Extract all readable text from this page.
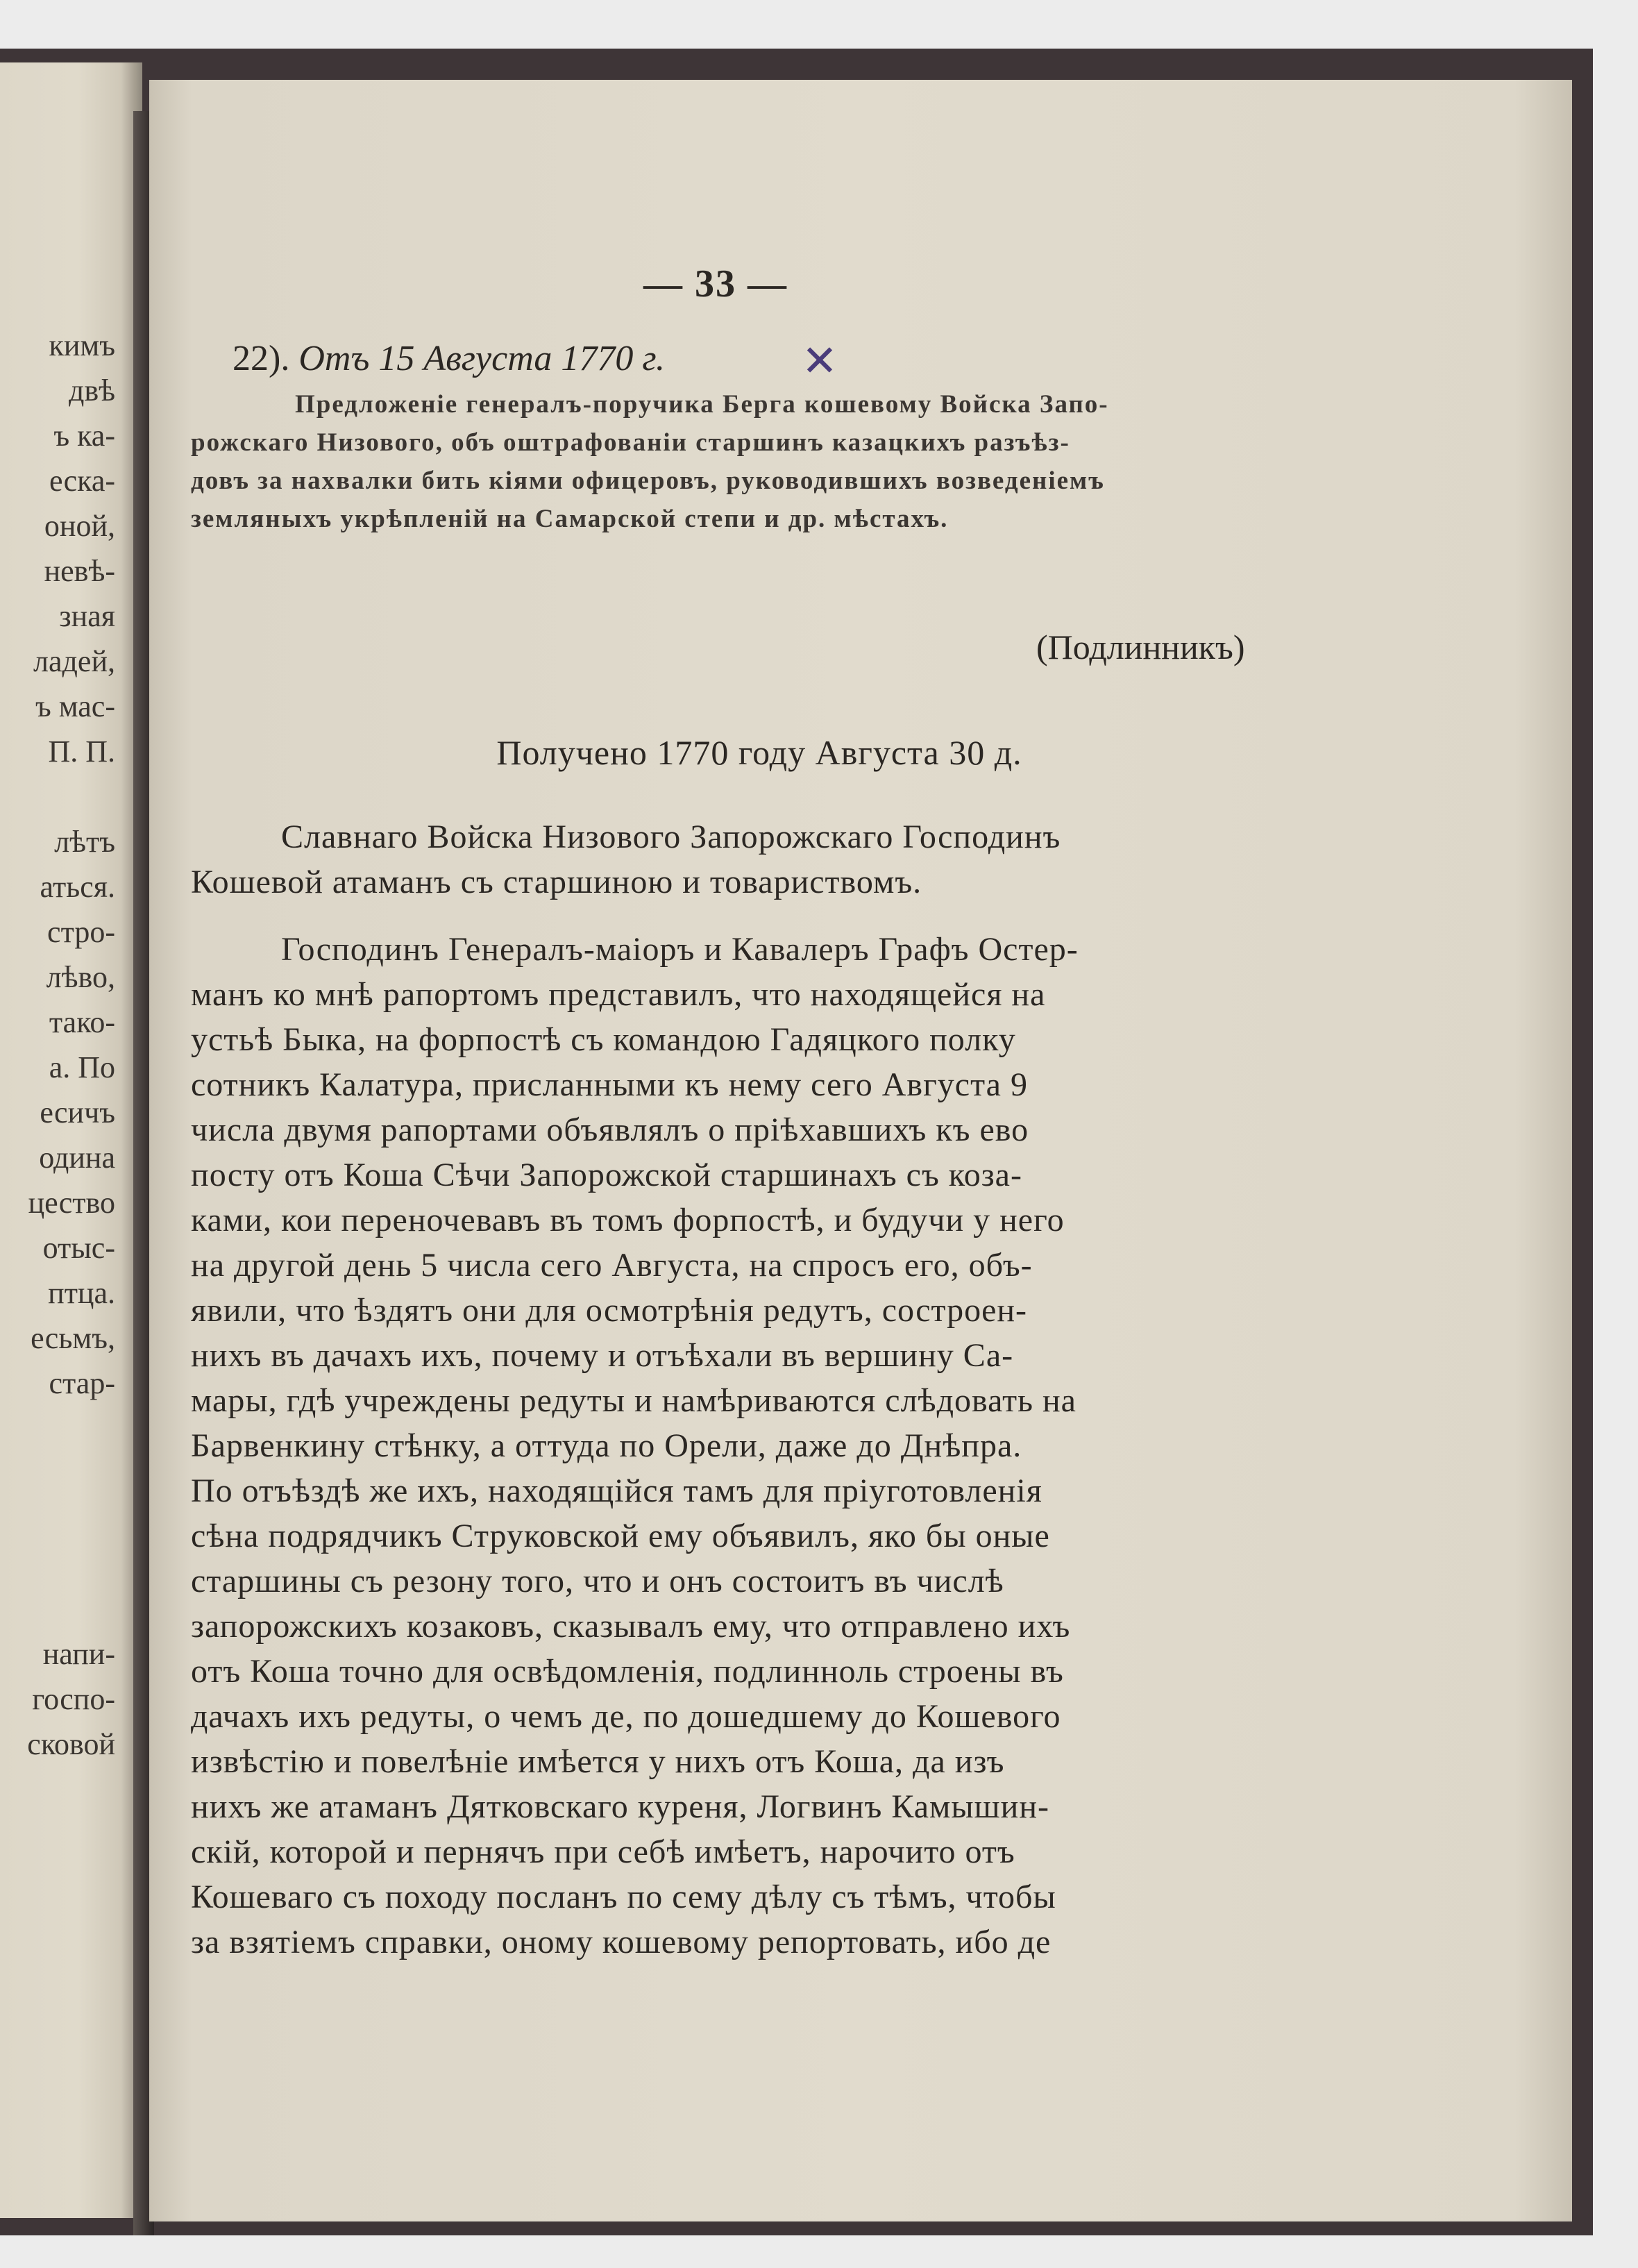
кимъ
двѣ
ъ ка-
еска-
оной,
невѣ-
зная
ладей,
ъ мас-
П. П.
лѣтъ
аться.
стро-
лѣво,
тако-
а. По
есичъ
одина
цество
отыс-
птца.
есьмъ,
стар-
напи-
госпо-
сковой
— 33 —
22). Отъ 15 Августа 1770 г.	✕
Предложеніе генералъ-поручика Берга кошевому Войска Запо-
рожскаго Низового, объ оштрафованіи старшинъ казацкихъ разъѣз-
довъ за нахвалки бить кіями офицеровъ, руководившихъ возведеніемъ
земляныхъ укрѣпленій на Самарской степи и др. мѣстахъ.
(Подлинникъ)
Получено 1770 году Августа 30 д.
Славнаго Войска Низового Запорожскаго Господинъ
Кошевой атаманъ съ старшиною и товариствомъ.
Господинъ Генералъ-маіоръ и Кавалеръ Графъ Остер-
манъ ко мнѣ рапортомъ представилъ, что находящейся на
устьѣ Быка, на форпостѣ съ командою Гадяцкого полку
сотникъ Калатура, присланными къ нему сего Августа 9
числа двумя рапортами объявлялъ о пріѣхавшихъ къ ево
посту отъ Коша Сѣчи Запорожской старшинахъ съ коза-
ками, кои переночевавъ въ томъ форпостѣ, и будучи у него
на другой день 5 числа сего Августа, на спросъ его, объ-
явили, что ѣздятъ они для осмотрѣнія редутъ, сострoен-
нихъ въ дачахъ ихъ, почему и отъѣхали въ вершину Са-
мары, гдѣ учреждены редуты и намѣриваются слѣдовать на
Барвенкину стѣнку, а оттуда по Орели, даже до Днѣпра.
По отъѣздѣ же ихъ, находящійся тамъ для пріуготовленія
сѣна подрядчикъ Струковской ему объявилъ, яко бы оные
старшины съ резону того, что и онъ состоитъ въ числѣ
запорожскихъ козаковъ, сказывалъ ему, что отправлено ихъ
отъ Коша точно для освѣдомленія, подлинноль строены въ
дачахъ ихъ редуты, о чемъ де, по дошедшему до Кошевого
извѣстію и повелѣніе имѣется у нихъ отъ Коша, да изъ
нихъ же атаманъ Дятковскаго куреня, Логвинъ Камышин-
скій, которой и пернячъ при себѣ имѣетъ, нарочито отъ
Кошеваго съ походу посланъ по сему дѣлу съ тѣмъ, чтобы
за взятіемъ справки, оному кошевому репортовать, ибо де
